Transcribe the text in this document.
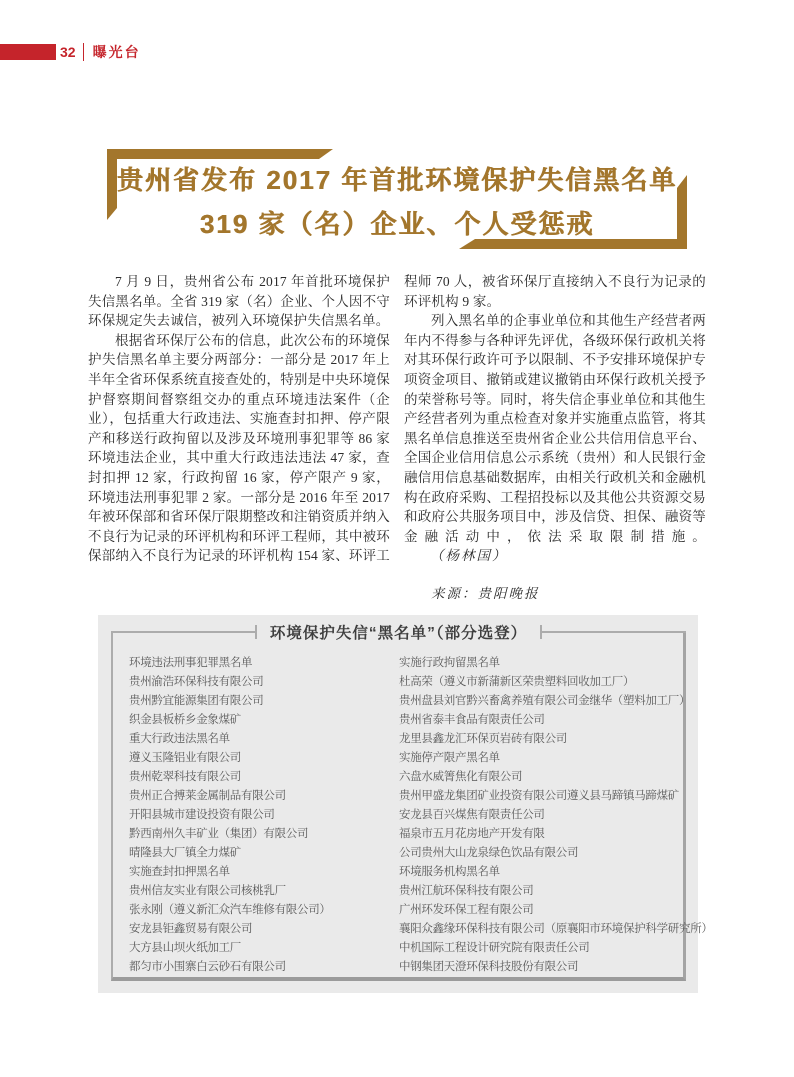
32 曝光台
贵州省发布 2017 年首批环境保护失信黑名单
319 家（名）企业、个人受惩戒

7 月 9 日，贵州省公布 2017 年首批环境保护失信黑名单。全省 319 家（名）企业、个人因不守环保规定失去诚信，被列入环境保护失信黑名单。

根据省环保厅公布的信息，此次公布的环境保护失信黑名单主要分两部分：一部分是 2017 年上半年全省环保系统直接查处的，特别是中央环境保护督察期间督察组交办的重点环境违法案件（企业），包括重大行政违法、实施查封扣押、停产限产和移送行政拘留以及涉及环境刑事犯罪等 86 家环境违法企业，其中重大行政违法违法 47 家，查封扣押 12 家，行政拘留 16 家，停产限产 9 家，环境违法刑事犯罪 2 家。一部分是 2016 年至 2017 年被环保部和省环保厅限期整改和注销资质并纳入不良行为记录的环评机构和环评工程师，其中被环保部纳入不良行为记录的环评机构 154 家、环评工程师 70 人，被省环保厅直接纳入不良行为记录的环评机构 9 家。

列入黑名单的企事业单位和其他生产经营者两年内不得参与各种评先评优，各级环保行政机关将对其环保行政许可予以限制、不予安排环境保护专项资金项目、撤销或建议撤销由环保行政机关授予的荣誉称号等。同时，将失信企事业单位和其他生产经营者列为重点检查对象并实施重点监管，将其黑名单信息推送至贵州省企业公共信用信息平台、全国企业信用信息公示系统（贵州）和人民银行金融信用信息基础数据库，由相关行政机关和金融机构在政府采购、工程招投标以及其他公共资源交易和政府公共服务项目中，涉及信贷、担保、融资等金融活动中，依法采取限制措施。（杨林国）

来源：贵阳晚报
环境保护失信“黑名单”（部分选登）
环境违法刑事犯罪黑名单
贵州渝浩环保科技有限公司
贵州黔宜能源集团有限公司
织金县板桥乡金象煤矿
重大行政违法黑名单
遵义玉隆铝业有限公司
贵州乾翠科技有限公司
贵州正合搏莱金属制品有限公司
开阳县城市建设投资有限公司
黔西南州久丰矿业（集团）有限公司
晴隆县大厂镇全力煤矿
实施查封扣押黑名单
贵州信友实业有限公司核桃乳厂
张永刚（遵义新汇众汽车维修有限公司）
安龙县钜鑫贸易有限公司
大方县山坝火纸加工厂
都匀市小围寨白云砂石有限公司
实施行政拘留黑名单
杜高荣（遵义市新蒲新区荣贵塑料回收加工厂）
贵州盘县刘官黔兴畜禽养殖有限公司金继华（塑料加工厂）
贵州省泰丰食品有限责任公司
龙里县鑫龙汇环保页岩砖有限公司
实施停产限产黑名单
六盘水威箐焦化有限公司
贵州甲盛龙集团矿业投资有限公司遵义县马蹄镇马蹄煤矿
安龙县百兴煤焦有限责任公司
福泉市五月花房地产开发有限
公司贵州大山龙泉绿色饮品有限公司
环境服务机构黑名单
贵州江航环保科技有限公司
广州环发环保工程有限公司
襄阳众鑫缘环保科技有限公司（原襄阳市环境保护科学研究所）
中机国际工程设计研究院有限责任公司
中钢集团天澄环保科技股份有限公司
